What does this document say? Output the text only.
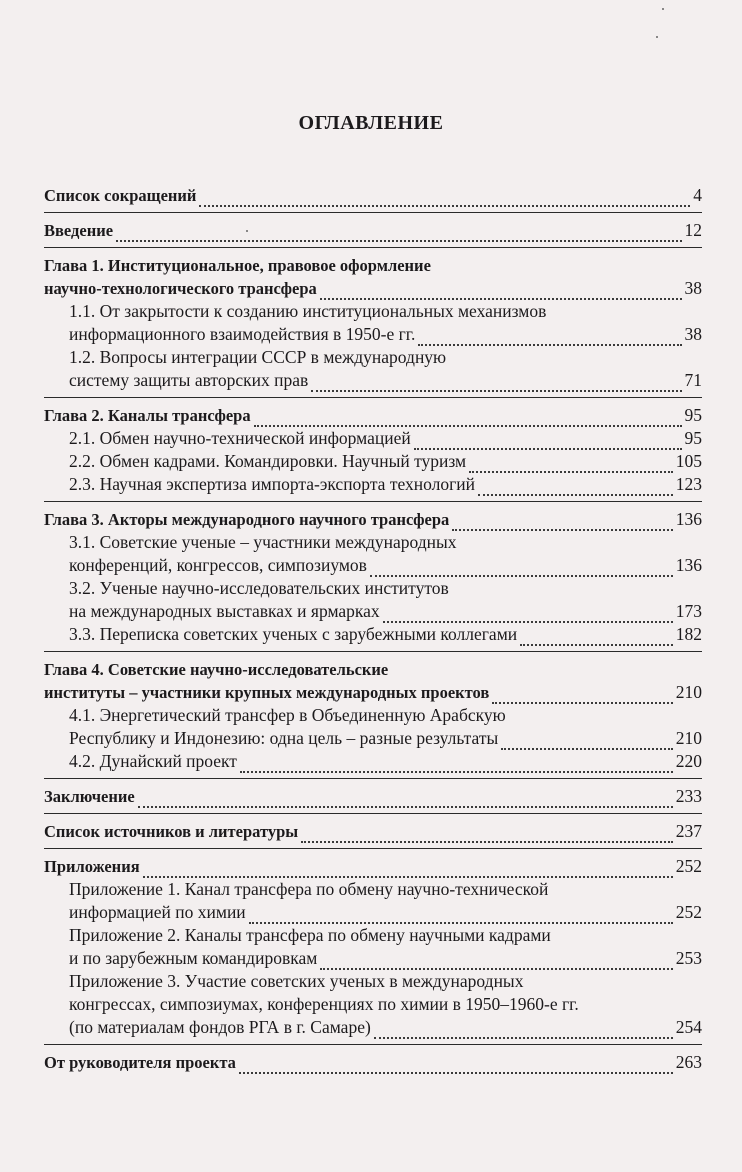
ОГЛАВЛЕНИЕ
Список сокращений	4
Введение	12
Глава 1. Институциональное, правовое оформление
научно-технологического трансфера	38
1.1. От закрытости к созданию институциональных механизмов
информационного взаимодействия в 1950-е гг.	38
1.2. Вопросы интеграции СССР в международную
систему защиты авторских прав	71
Глава 2. Каналы трансфера	95
2.1. Обмен научно-технической информацией	95
2.2. Обмен кадрами. Командировки. Научный туризм	105
2.3. Научная экспертиза импорта-экспорта технологий	123
Глава 3. Акторы международного научного трансфера	136
3.1. Советские ученые – участники международных
конференций, конгрессов, симпозиумов	136
3.2. Ученые научно-исследовательских институтов
на международных выставках и ярмарках	173
3.3. Переписка советских ученых с зарубежными коллегами	182
Глава 4. Советские научно-исследовательские
институты – участники крупных международных проектов	210
4.1. Энергетический трансфер в Объединенную Арабскую
Республику и Индонезию: одна цель – разные результаты	210
4.2. Дунайский проект	220
Заключение	233
Список источников и литературы	237
Приложения	252
Приложение 1. Канал трансфера по обмену научно-технической
информацией по химии	252
Приложение 2. Каналы трансфера по обмену научными кадрами
и по зарубежным командировкам	253
Приложение 3. Участие советских ученых в международных
конгрессах, симпозиумах, конференциях по химии в 1950–1960-е гг.
(по материалам фондов РГА в г. Самаре)	254
От руководителя проекта	263
